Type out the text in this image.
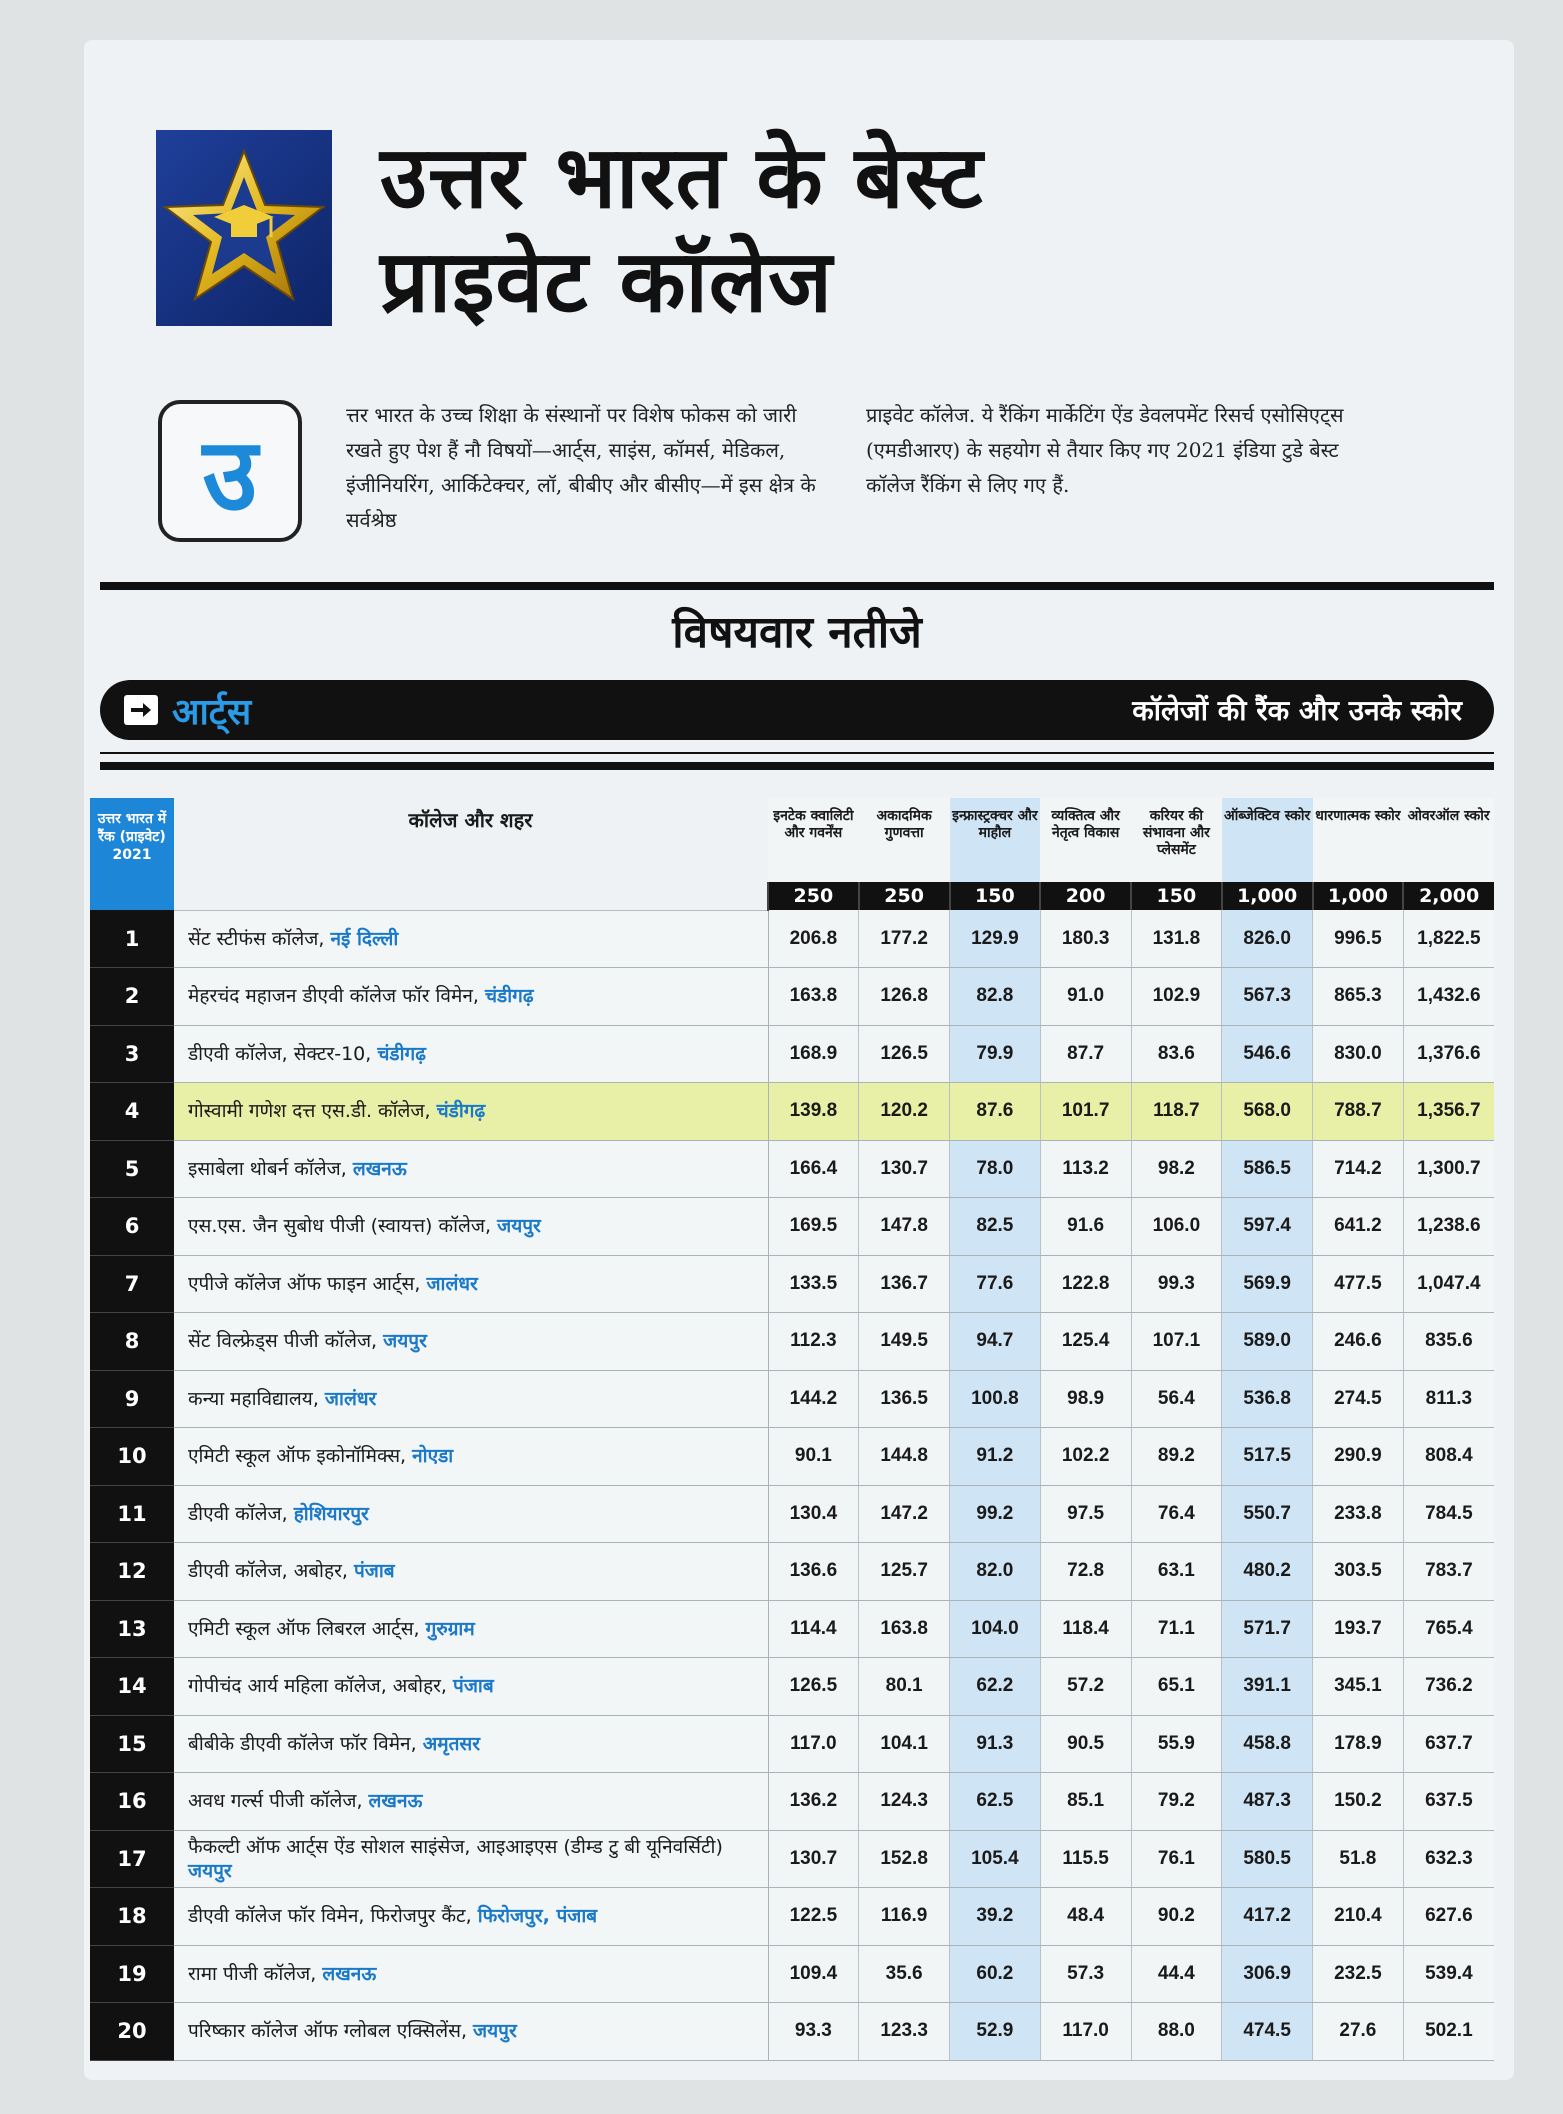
उत्तर भारत के बेस्ट
प्राइवेट कॉलेज
उ
त्तर भारत के उच्च शिक्षा के संस्थानों पर विशेष फोकस को जारी रखते हुए पेश हैं नौ विषयों—आर्ट्स, साइंस, कॉमर्स, मेडिकल, इंजीनियरिंग, आर्किटेक्चर, लॉ, बीबीए और बीसीए—में इस क्षेत्र के सर्वश्रेष्ठ
प्राइवेट कॉलेज. ये रैंकिंग मार्केटिंग ऐंड डेवलपमेंट रिसर्च एसोसिएट्स (एमडीआरए) के सहयोग से तैयार किए गए 2021 इंडिया टुडे बेस्ट कॉलेज रैंकिंग से लिए गए हैं.
विषयवार नतीजे
आर्ट्स	कॉलेजों की रैंक और उनके स्कोर
उत्तर भारत में रैंक (प्राइवेट) 2021	कॉलेज और शहर	इनटेक क्वालिटी और गवर्नेंस	अकादमिक गुणवत्ता	इन्फ्रास्ट्रक्चर और माहौल	व्यक्तित्व और नेतृत्व विकास	करियर की संभावना और प्लेसमेंट	ऑब्जेक्टिव स्कोर	धारणात्मक स्कोर	ओवरऑल स्कोर
		250	250	150	200	150	1,000	1,000	2,000
1	सेंट स्टीफंस कॉलेज, नई दिल्ली	206.8	177.2	129.9	180.3	131.8	826.0	996.5	1,822.5
2	मेहरचंद महाजन डीएवी कॉलेज फॉर विमेन, चंडीगढ़	163.8	126.8	82.8	91.0	102.9	567.3	865.3	1,432.6
3	डीएवी कॉलेज, सेक्टर-10, चंडीगढ़	168.9	126.5	79.9	87.7	83.6	546.6	830.0	1,376.6
4	गोस्वामी गणेश दत्त एस.डी. कॉलेज, चंडीगढ़	139.8	120.2	87.6	101.7	118.7	568.0	788.7	1,356.7
5	इसाबेला थोबर्न कॉलेज, लखनऊ	166.4	130.7	78.0	113.2	98.2	586.5	714.2	1,300.7
6	एस.एस. जैन सुबोध पीजी (स्वायत्त) कॉलेज, जयपुर	169.5	147.8	82.5	91.6	106.0	597.4	641.2	1,238.6
7	एपीजे कॉलेज ऑफ फाइन आर्ट्स, जालंधर	133.5	136.7	77.6	122.8	99.3	569.9	477.5	1,047.4
8	सेंट विल्फ्रेड्स पीजी कॉलेज, जयपुर	112.3	149.5	94.7	125.4	107.1	589.0	246.6	835.6
9	कन्या महाविद्यालय, जालंधर	144.2	136.5	100.8	98.9	56.4	536.8	274.5	811.3
10	एमिटी स्कूल ऑफ इकोनॉमिक्स, नोएडा	90.1	144.8	91.2	102.2	89.2	517.5	290.9	808.4
11	डीएवी कॉलेज, होशियारपुर	130.4	147.2	99.2	97.5	76.4	550.7	233.8	784.5
12	डीएवी कॉलेज, अबोहर, पंजाब	136.6	125.7	82.0	72.8	63.1	480.2	303.5	783.7
13	एमिटी स्कूल ऑफ लिबरल आर्ट्स, गुरुग्राम	114.4	163.8	104.0	118.4	71.1	571.7	193.7	765.4
14	गोपीचंद आर्य महिला कॉलेज, अबोहर, पंजाब	126.5	80.1	62.2	57.2	65.1	391.1	345.1	736.2
15	बीबीके डीएवी कॉलेज फॉर विमेन, अमृतसर	117.0	104.1	91.3	90.5	55.9	458.8	178.9	637.7
16	अवध गर्ल्स पीजी कॉलेज, लखनऊ	136.2	124.3	62.5	85.1	79.2	487.3	150.2	637.5
17	फैकल्टी ऑफ आर्ट्स ऐंड सोशल साइंसेज, आइआइएस (डीम्ड टु बी यूनिवर्सिटी) जयपुर	130.7	152.8	105.4	115.5	76.1	580.5	51.8	632.3
18	डीएवी कॉलेज फॉर विमेन, फिरोजपुर कैंट, फिरोजपुर, पंजाब	122.5	116.9	39.2	48.4	90.2	417.2	210.4	627.6
19	रामा पीजी कॉलेज, लखनऊ	109.4	35.6	60.2	57.3	44.4	306.9	232.5	539.4
20	परिष्कार कॉलेज ऑफ ग्लोबल एक्सिलेंस, जयपुर	93.3	123.3	52.9	117.0	88.0	474.5	27.6	502.1
